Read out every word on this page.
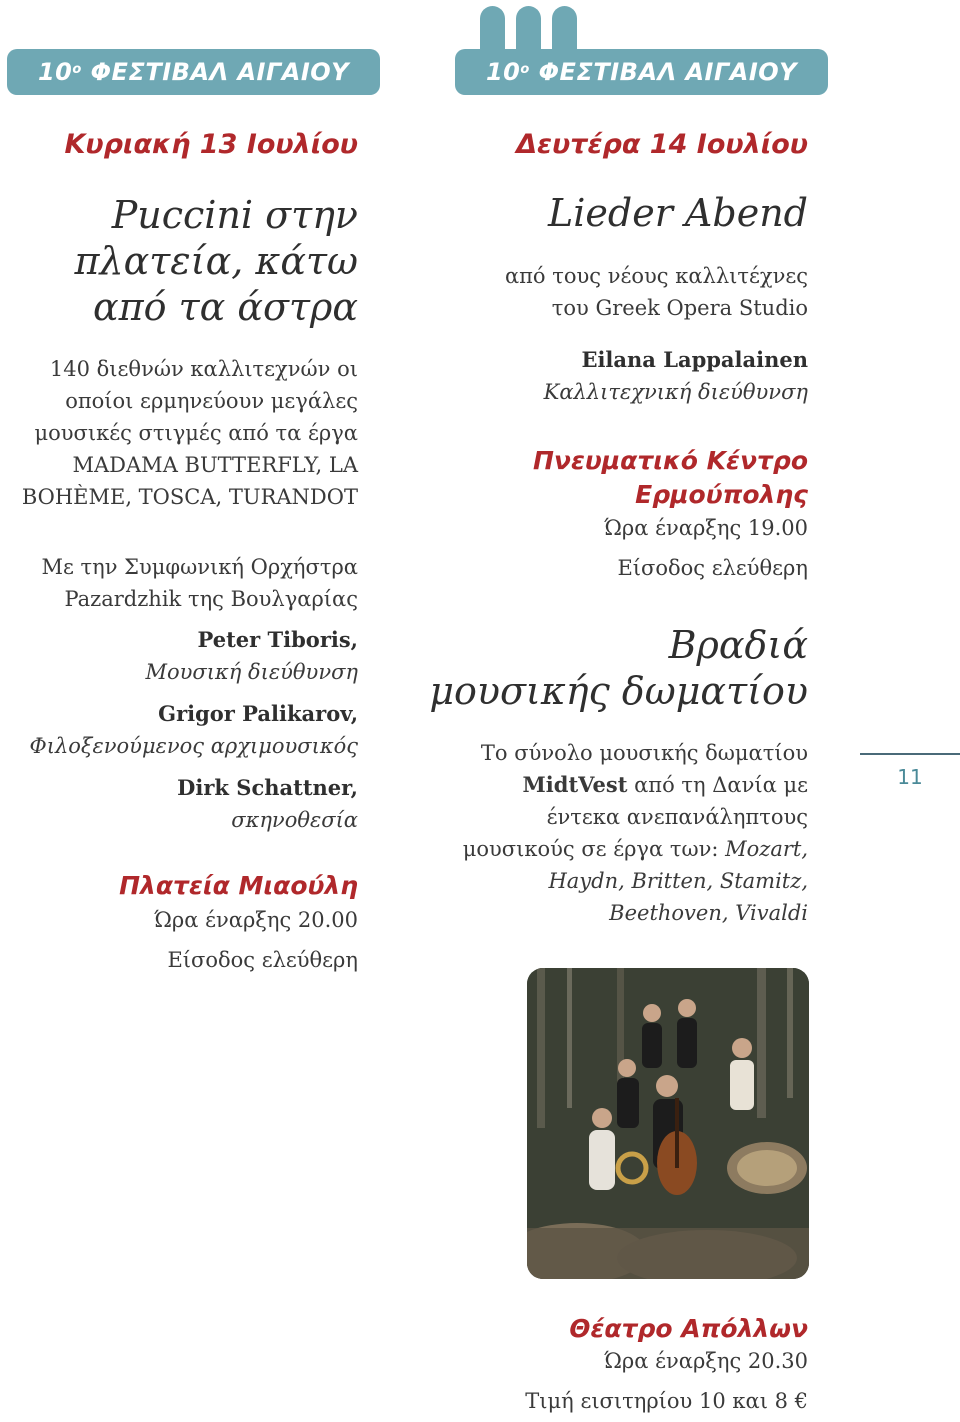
$10^o$ ΦΕΣΤΙΒΑΛ ΑΙΓΑΙΟΥ	$10^o$ ΦΕΣΤΙΒΑΛ ΑΙΓΑΙΟΥ
Κυριακή 13 Ιουλίου
Puccini στην
πλατεία, κάτω
από τα άστρα
140 διεθνών καλλιτεχνών οι
οποίοι ερμηνεύουν μεγάλες
μουσικές στιγμές από τα έργα
MADAMA BUTTERFLY, LA
BOHÈME, TOSCA, TURANDOT
Με την Συμφωνική Ορχήστρα
Pazardzhik της Βουλγαρίας
Peter Tiboris,
Μουσική διεύθυνση
Grigor Palikarov,
Φιλοξενούμενος αρχιμουσικός
Dirk Schattner,
σκηνοθεσία
Πλατεία Μιαούλη
Ώρα έναρξης 20.00
Είσοδος ελεύθερη
Δευτέρα 14 Ιουλίου
Lieder Abend
από τους νέους καλλιτέχνες
του Greek Opera Studio
Eilana Lappalainen
Καλλιτεχνική διεύθυνση
Πνευματικό Κέντρο
Ερμούπολης
Ώρα έναρξης 19.00
Είσοδος ελεύθερη
Βραδιά
μουσικής δωματίου
Το σύνολο μουσικής δωματίου
MidtVest από τη Δανία με
έντεκα ανεπανάληπτους
μουσικούς σε έργα των: Mozart,
Haydn, Britten, Stamitz,
Beethoven, Vivaldi
Θέατρο Απόλλων
Ώρα έναρξης 20.30
Τιμή εισιτηρίου 10 και 8 €
11
